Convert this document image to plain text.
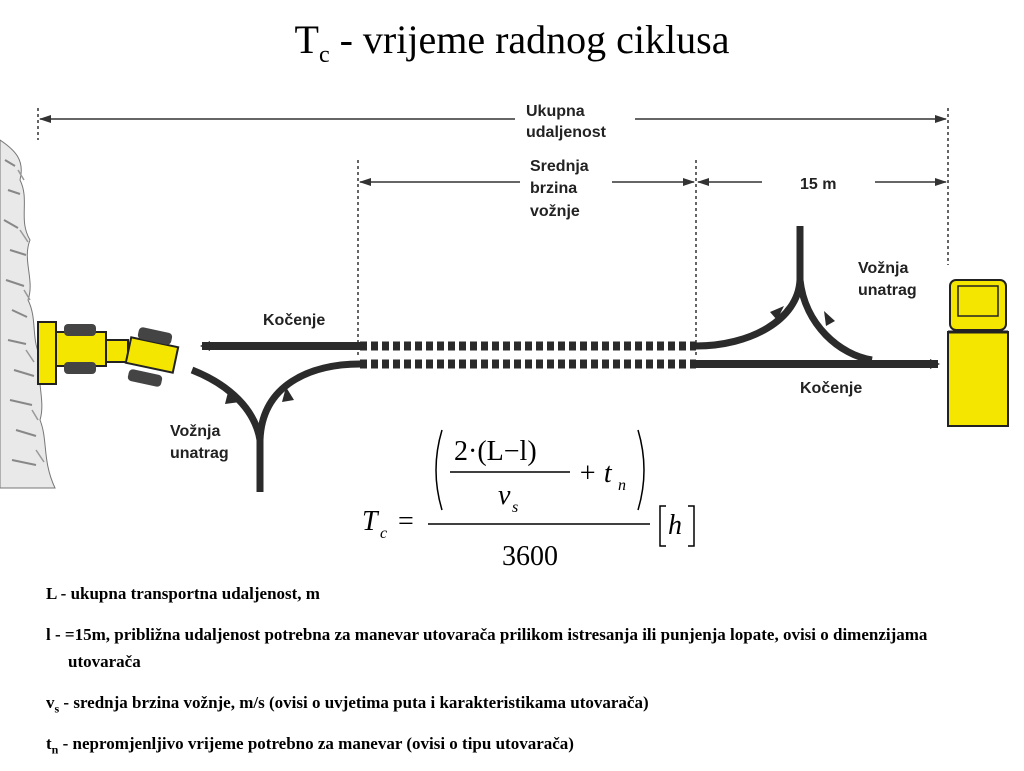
$T_c$ - vrijeme radnog ciklusa
Ukupna
udaljenost
Srednja
brzina
vožnje
15 m
Kočenje
Kočenje
Vožnja
unatrag
Vožnja
unatrag
T c =
2·(L−l)
v s
+ t n
3600
h

L - ukupna transportna udaljenost, m

l - =15m, približna udaljenost potrebna za manevar utovarača prilikom istresanja ili punjenja lopate, ovisi o dimenzijama utovarača

$v_s$ - srednja brzina vožnje, m/s (ovisi o uvjetima puta i karakteristikama utovarača)

$t_n$ - nepromjenljivo vrijeme potrebno za manevar (ovisi o tipu utovarača)
